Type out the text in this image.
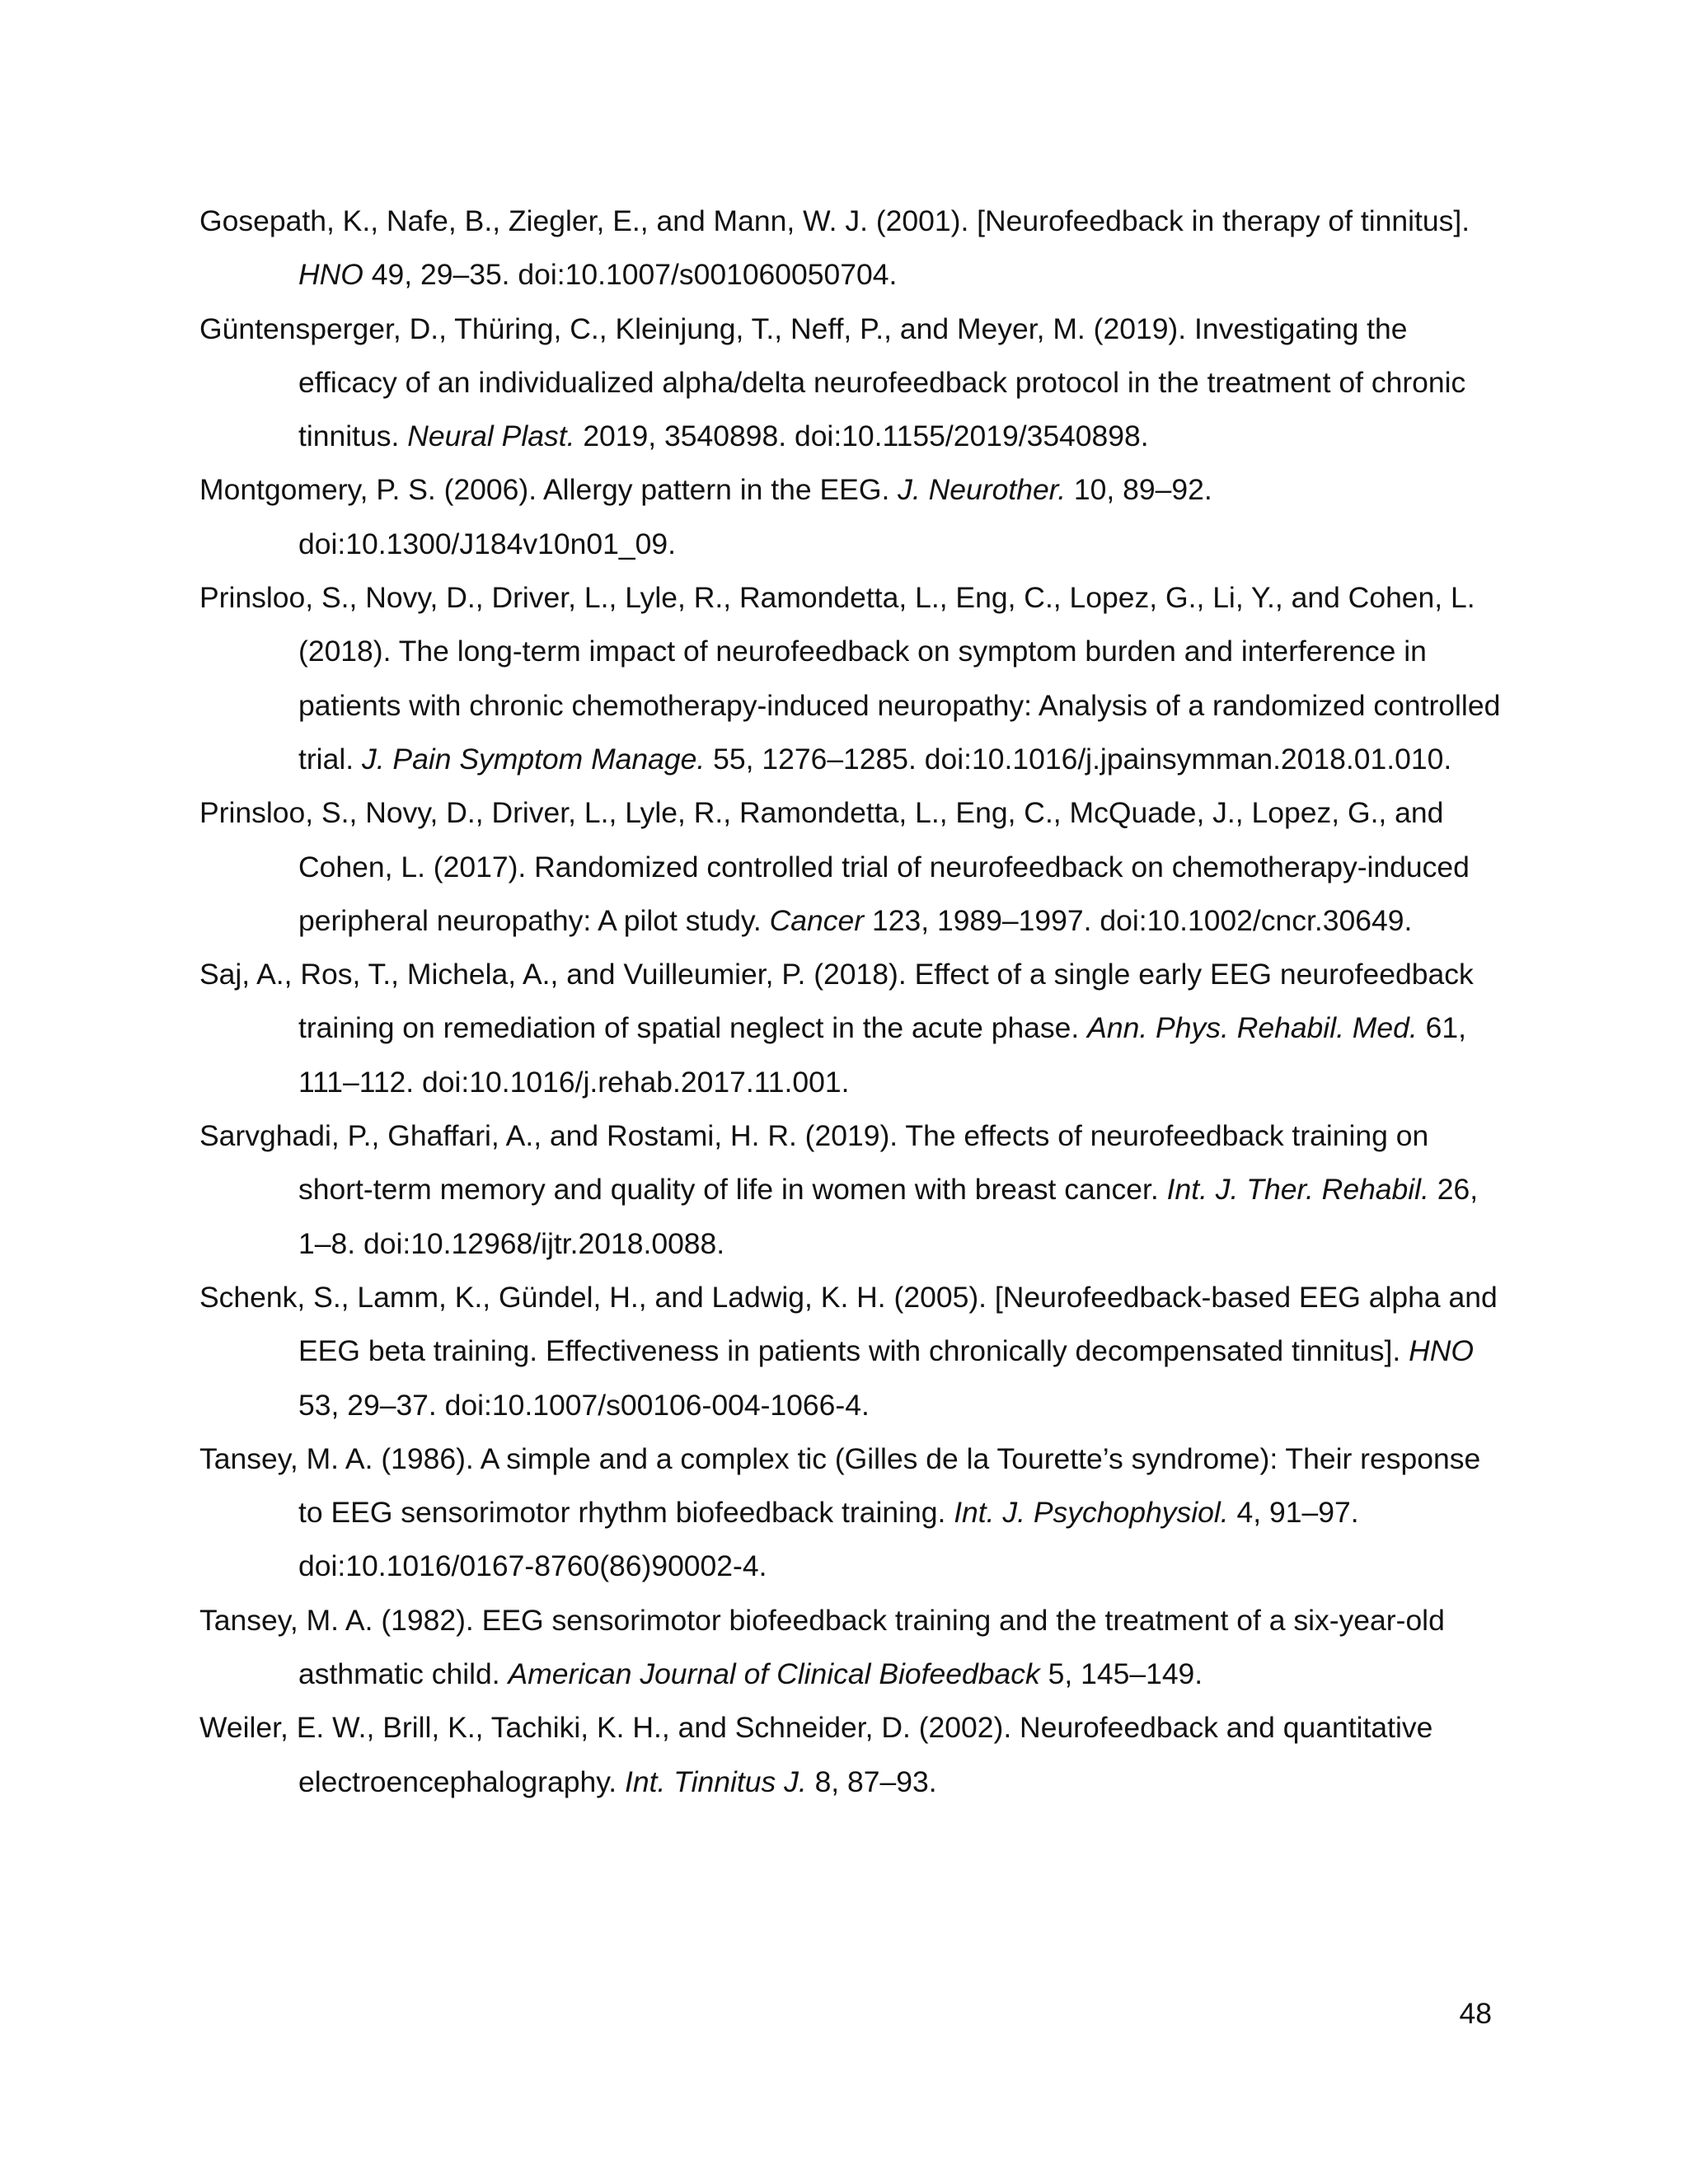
Gosepath, K., Nafe, B., Ziegler, E., and Mann, W. J. (2001). [Neurofeedback in therapy of tinnitus]. HNO 49, 29–35. doi:10.1007/s001060050704.

Güntensperger, D., Thüring, C., Kleinjung, T., Neff, P., and Meyer, M. (2019). Investigating the efficacy of an individualized alpha/delta neurofeedback protocol in the treatment of chronic tinnitus. Neural Plast. 2019, 3540898. doi:10.1155/2019/3540898.

Montgomery, P. S. (2006). Allergy pattern in the EEG. J. Neurother. 10, 89–92. doi:10.1300/J184v10n01_09.

Prinsloo, S., Novy, D., Driver, L., Lyle, R., Ramondetta, L., Eng, C., Lopez, G., Li, Y., and Cohen, L. (2018). The long-term impact of neurofeedback on symptom burden and interference in patients with chronic chemotherapy-induced neuropathy: Analysis of a randomized controlled trial. J. Pain Symptom Manage. 55, 1276–1285. doi:10.1016/j.jpainsymman.2018.01.010.

Prinsloo, S., Novy, D., Driver, L., Lyle, R., Ramondetta, L., Eng, C., McQuade, J., Lopez, G., and Cohen, L. (2017). Randomized controlled trial of neurofeedback on chemotherapy-induced peripheral neuropathy: A pilot study. Cancer 123, 1989–1997. doi:10.1002/cncr.30649.

Saj, A., Ros, T., Michela, A., and Vuilleumier, P. (2018). Effect of a single early EEG neurofeedback training on remediation of spatial neglect in the acute phase. Ann. Phys. Rehabil. Med. 61, 111–112. doi:10.1016/j.rehab.2017.11.001.

Sarvghadi, P., Ghaffari, A., and Rostami, H. R. (2019). The effects of neurofeedback training on short-term memory and quality of life in women with breast cancer. Int. J. Ther. Rehabil. 26, 1–8. doi:10.12968/ijtr.2018.0088.

Schenk, S., Lamm, K., Gündel, H., and Ladwig, K. H. (2005). [Neurofeedback-based EEG alpha and EEG beta training. Effectiveness in patients with chronically decompensated tinnitus]. HNO 53, 29–37. doi:10.1007/s00106-004-1066-4.

Tansey, M. A. (1986). A simple and a complex tic (Gilles de la Tourette’s syndrome): Their response to EEG sensorimotor rhythm biofeedback training. Int. J. Psychophysiol. 4, 91–97. doi:10.1016/0167-8760(86)90002-4.

Tansey, M. A. (1982). EEG sensorimotor biofeedback training and the treatment of a six-year-old asthmatic child. American Journal of Clinical Biofeedback 5, 145–149.

Weiler, E. W., Brill, K., Tachiki, K. H., and Schneider, D. (2002). Neurofeedback and quantitative electroencephalography. Int. Tinnitus J. 8, 87–93.

48
